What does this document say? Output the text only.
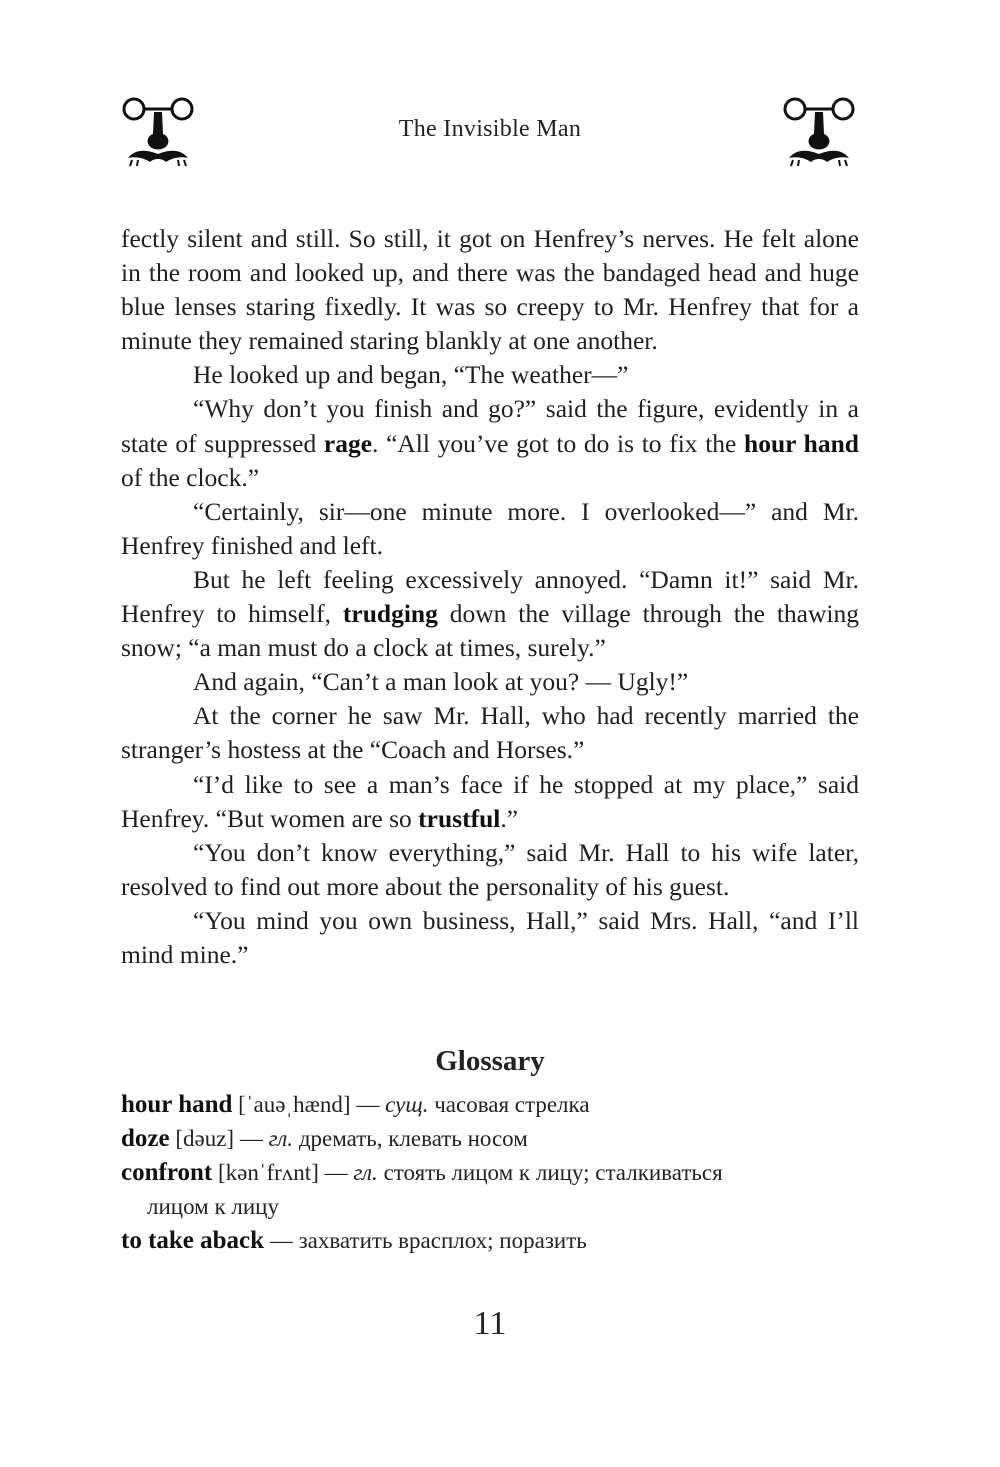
The Invisible Man

fectly silent and still. So still, it got on Henfrey’s nerves. He felt alone in the room and looked up, and there was the bandaged head and huge blue lenses staring fixedly. It was so creepy to Mr. Henfrey that for a minute they remained staring blankly at one another.

He looked up and began, “The weather—”

“Why don’t you finish and go?” said the figure, evidently in a state of suppressed rage. “All you’ve got to do is to fix the hour hand of the clock.”

“Certainly, sir—one minute more. I overlooked—” and Mr. Henfrey finished and left.

But he left feeling excessively annoyed. “Damn it!” said Mr. Henfrey to himself, trudging down the village through the thawing snow; “a man must do a clock at times, surely.”

And again, “Can’t a man look at you? — Ugly!”

At the corner he saw Mr. Hall, who had recently married the stranger’s hostess at the “Coach and Horses.”

“I’d like to see a man’s face if he stopped at my place,” said Henfrey. “But women are so trustful.”

“You don’t know everything,” said Mr. Hall to his wife later, resolved to find out more about the personality of his guest.

“You mind you own business, Hall,” said Mrs. Hall, “and I’ll mind mine.”

Glossary
hour hand [ˈauəˌhænd] — сущ. часовая стрелка
doze [dəuz] — гл. дремать, клевать носом
confront [kənˈfrʌnt] — гл. стоять лицом к лицу; сталкиваться
лицом к лицу
to take aback — захватить врасплох; поразить
11
